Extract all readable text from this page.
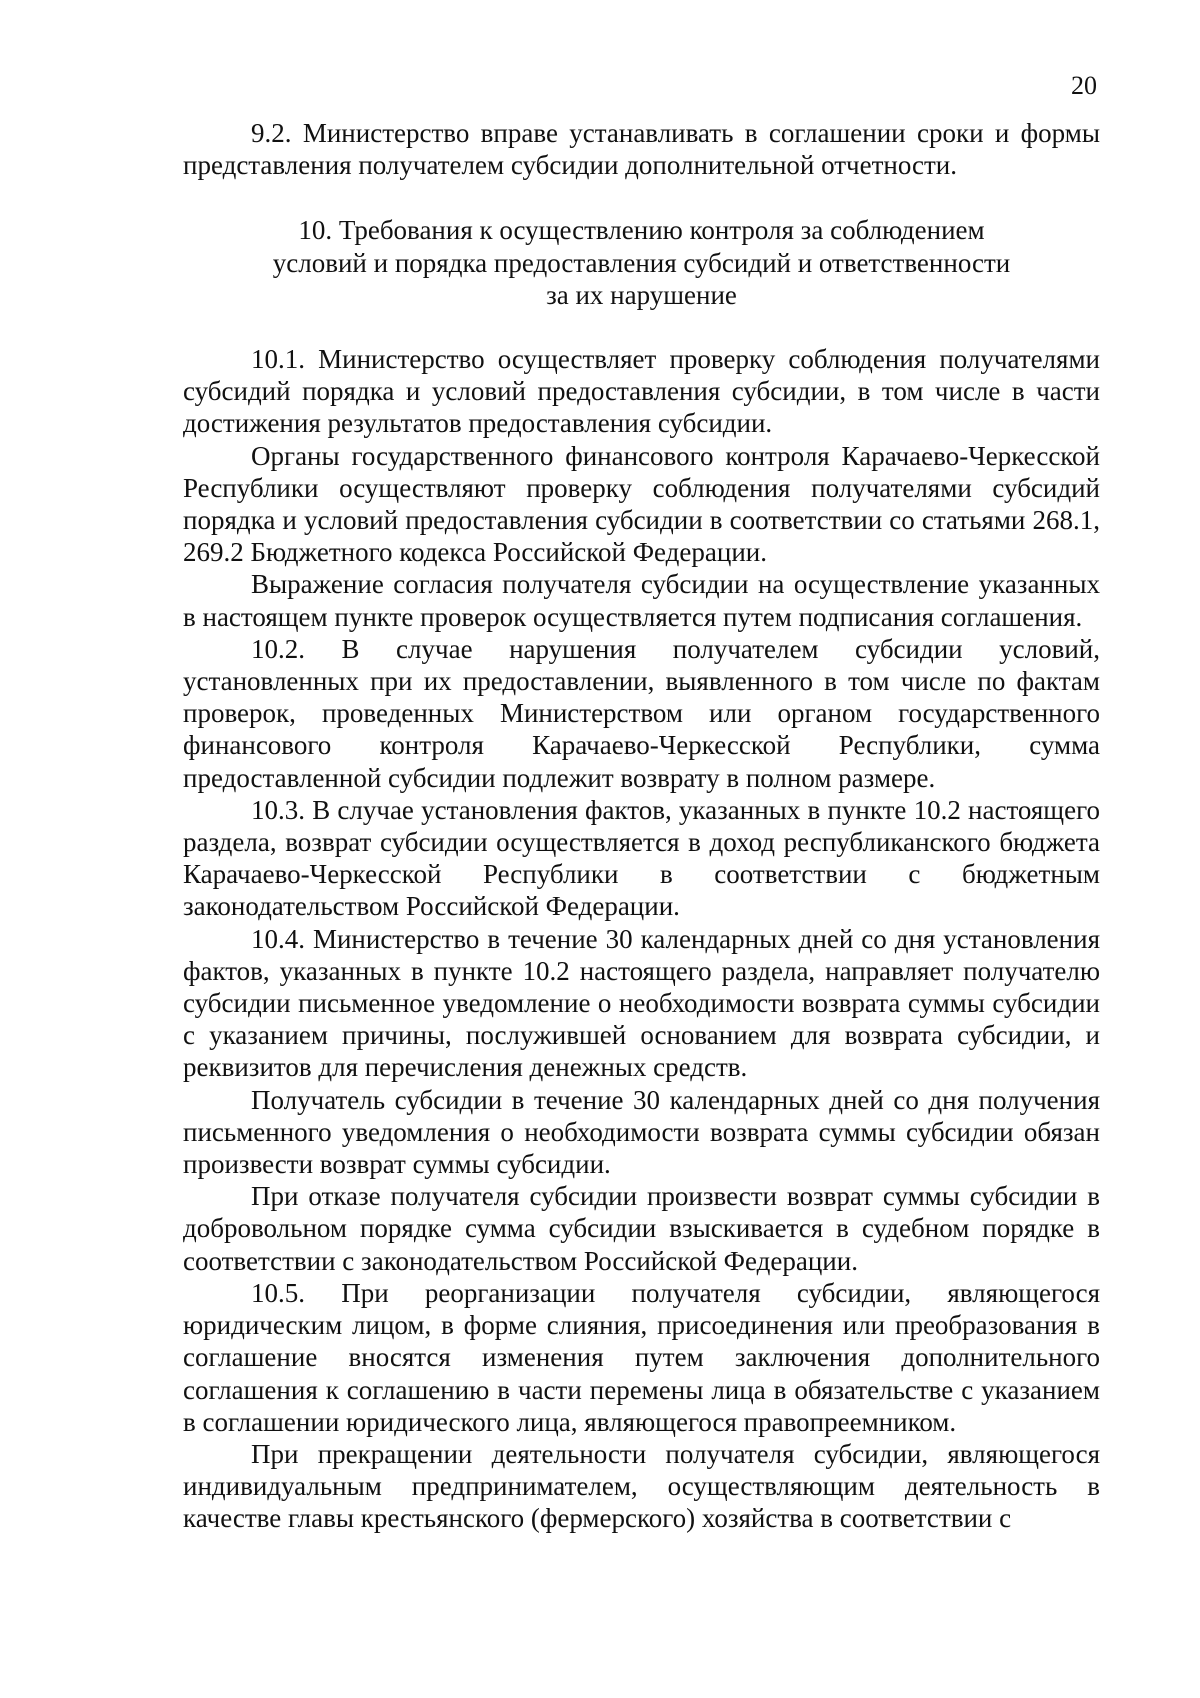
20

9.2. Министерство вправе устанавливать в соглашении сроки и формы представления получателем субсидии дополнительной отчетности.

10. Требования к осуществлению контроля за соблюдением
условий и порядка предоставления субсидий и ответственности
за их нарушение

10.1. Министерство осуществляет проверку соблюдения получателями субсидий порядка и условий предоставления субсидии, в том числе в части достижения результатов предоставления субсидии.

Органы государственного финансового контроля Карачаево-Черкесской Республики осуществляют проверку соблюдения получателями субсидий порядка и условий предоставления субсидии в соответствии со статьями 268.1, 269.2 Бюджетного кодекса Российской Федерации.

Выражение согласия получателя субсидии на осуществление указанных в настоящем пункте проверок осуществляется путем подписания соглашения.

10.2. В случае нарушения получателем субсидии условий, установленных при их предоставлении, выявленного в том числе по фактам проверок, проведенных Министерством или органом государственного финансового контроля Карачаево-Черкесской Республики, сумма предоставленной субсидии подлежит возврату в полном размере.

10.3. В случае установления фактов, указанных в пункте 10.2 настоящего раздела, возврат субсидии осуществляется в доход республиканского бюджета Карачаево-Черкесской Республики в соответствии с бюджетным законодательством Российской Федерации.

10.4. Министерство в течение 30 календарных дней со дня установления фактов, указанных в пункте 10.2 настоящего раздела, направляет получателю субсидии письменное уведомление о необходимости возврата суммы субсидии с указанием причины, послужившей основанием для возврата субсидии, и реквизитов для перечисления денежных средств.

Получатель субсидии в течение 30 календарных дней со дня получения письменного уведомления о необходимости возврата суммы субсидии обязан произвести возврат суммы субсидии.

При отказе получателя субсидии произвести возврат суммы субсидии в добровольном порядке сумма субсидии взыскивается в судебном порядке в соответствии с законодательством Российской Федерации.

10.5. При реорганизации получателя субсидии, являющегося юридическим лицом, в форме слияния, присоединения или преобразования в соглашение вносятся изменения путем заключения дополнительного соглашения к соглашению в части перемены лица в обязательстве с указанием в соглашении юридического лица, являющегося правопреемником.

При прекращении деятельности получателя субсидии, являющегося индивидуальным предпринимателем, осуществляющим деятельность в качестве главы крестьянского (фермерского) хозяйства в соответствии с
